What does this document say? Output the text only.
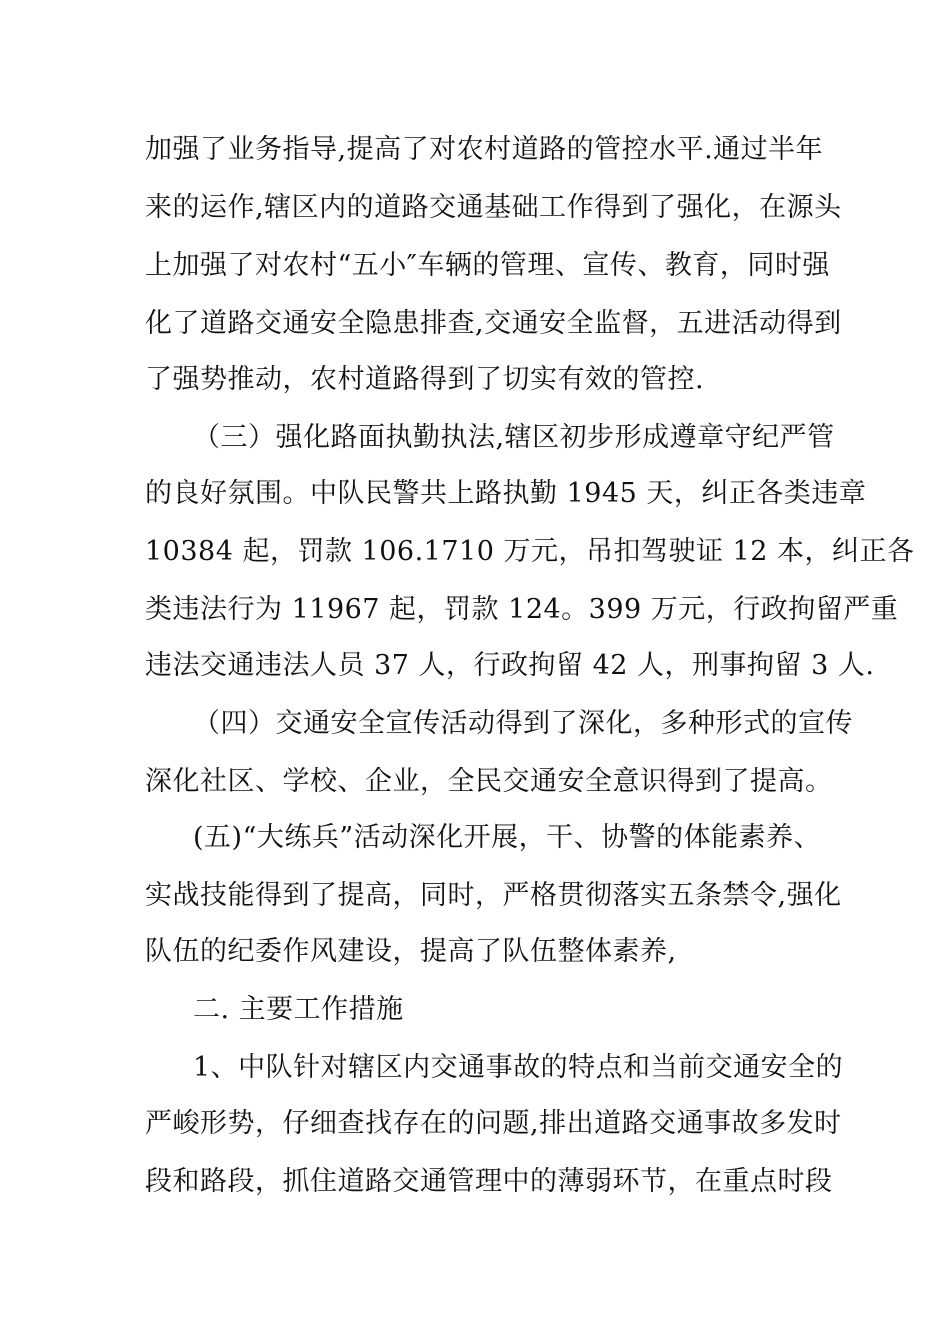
加强了业务指导,提高了对农村道路的管控水平.通过半年
来的运作,辖区内的道路交通基础工作得到了强化，在源头
上加强了对农村“五小″车辆的管理、宣传、教育，同时强
化了道路交通安全隐患排查,交通安全监督，五进活动得到
了强势推动，农村道路得到了切实有效的管控.
（三）强化路面执勤执法,辖区初步形成遵章守纪严管
的良好氛围。中队民警共上路执勤 1945 天，纠正各类违章
10384 起，罚款 106.1710 万元，吊扣驾驶证 12 本，纠正各
类违法行为 11967 起，罚款 124。399 万元，行政拘留严重
违法交通违法人员 37 人，行政拘留 42 人，刑事拘留 3 人.
（四）交通安全宣传活动得到了深化，多种形式的宣传
深化社区、学校、企业，全民交通安全意识得到了提高。
(五)“大练兵”活动深化开展，干、协警的体能素养、
实战技能得到了提高，同时，严格贯彻落实五条禁令,强化
队伍的纪委作风建设，提高了队伍整体素养,
二. 主要工作措施
1、中队针对辖区内交通事故的特点和当前交通安全的
严峻形势，仔细查找存在的问题,排出道路交通事故多发时
段和路段，抓住道路交通管理中的薄弱环节，在重点时段
